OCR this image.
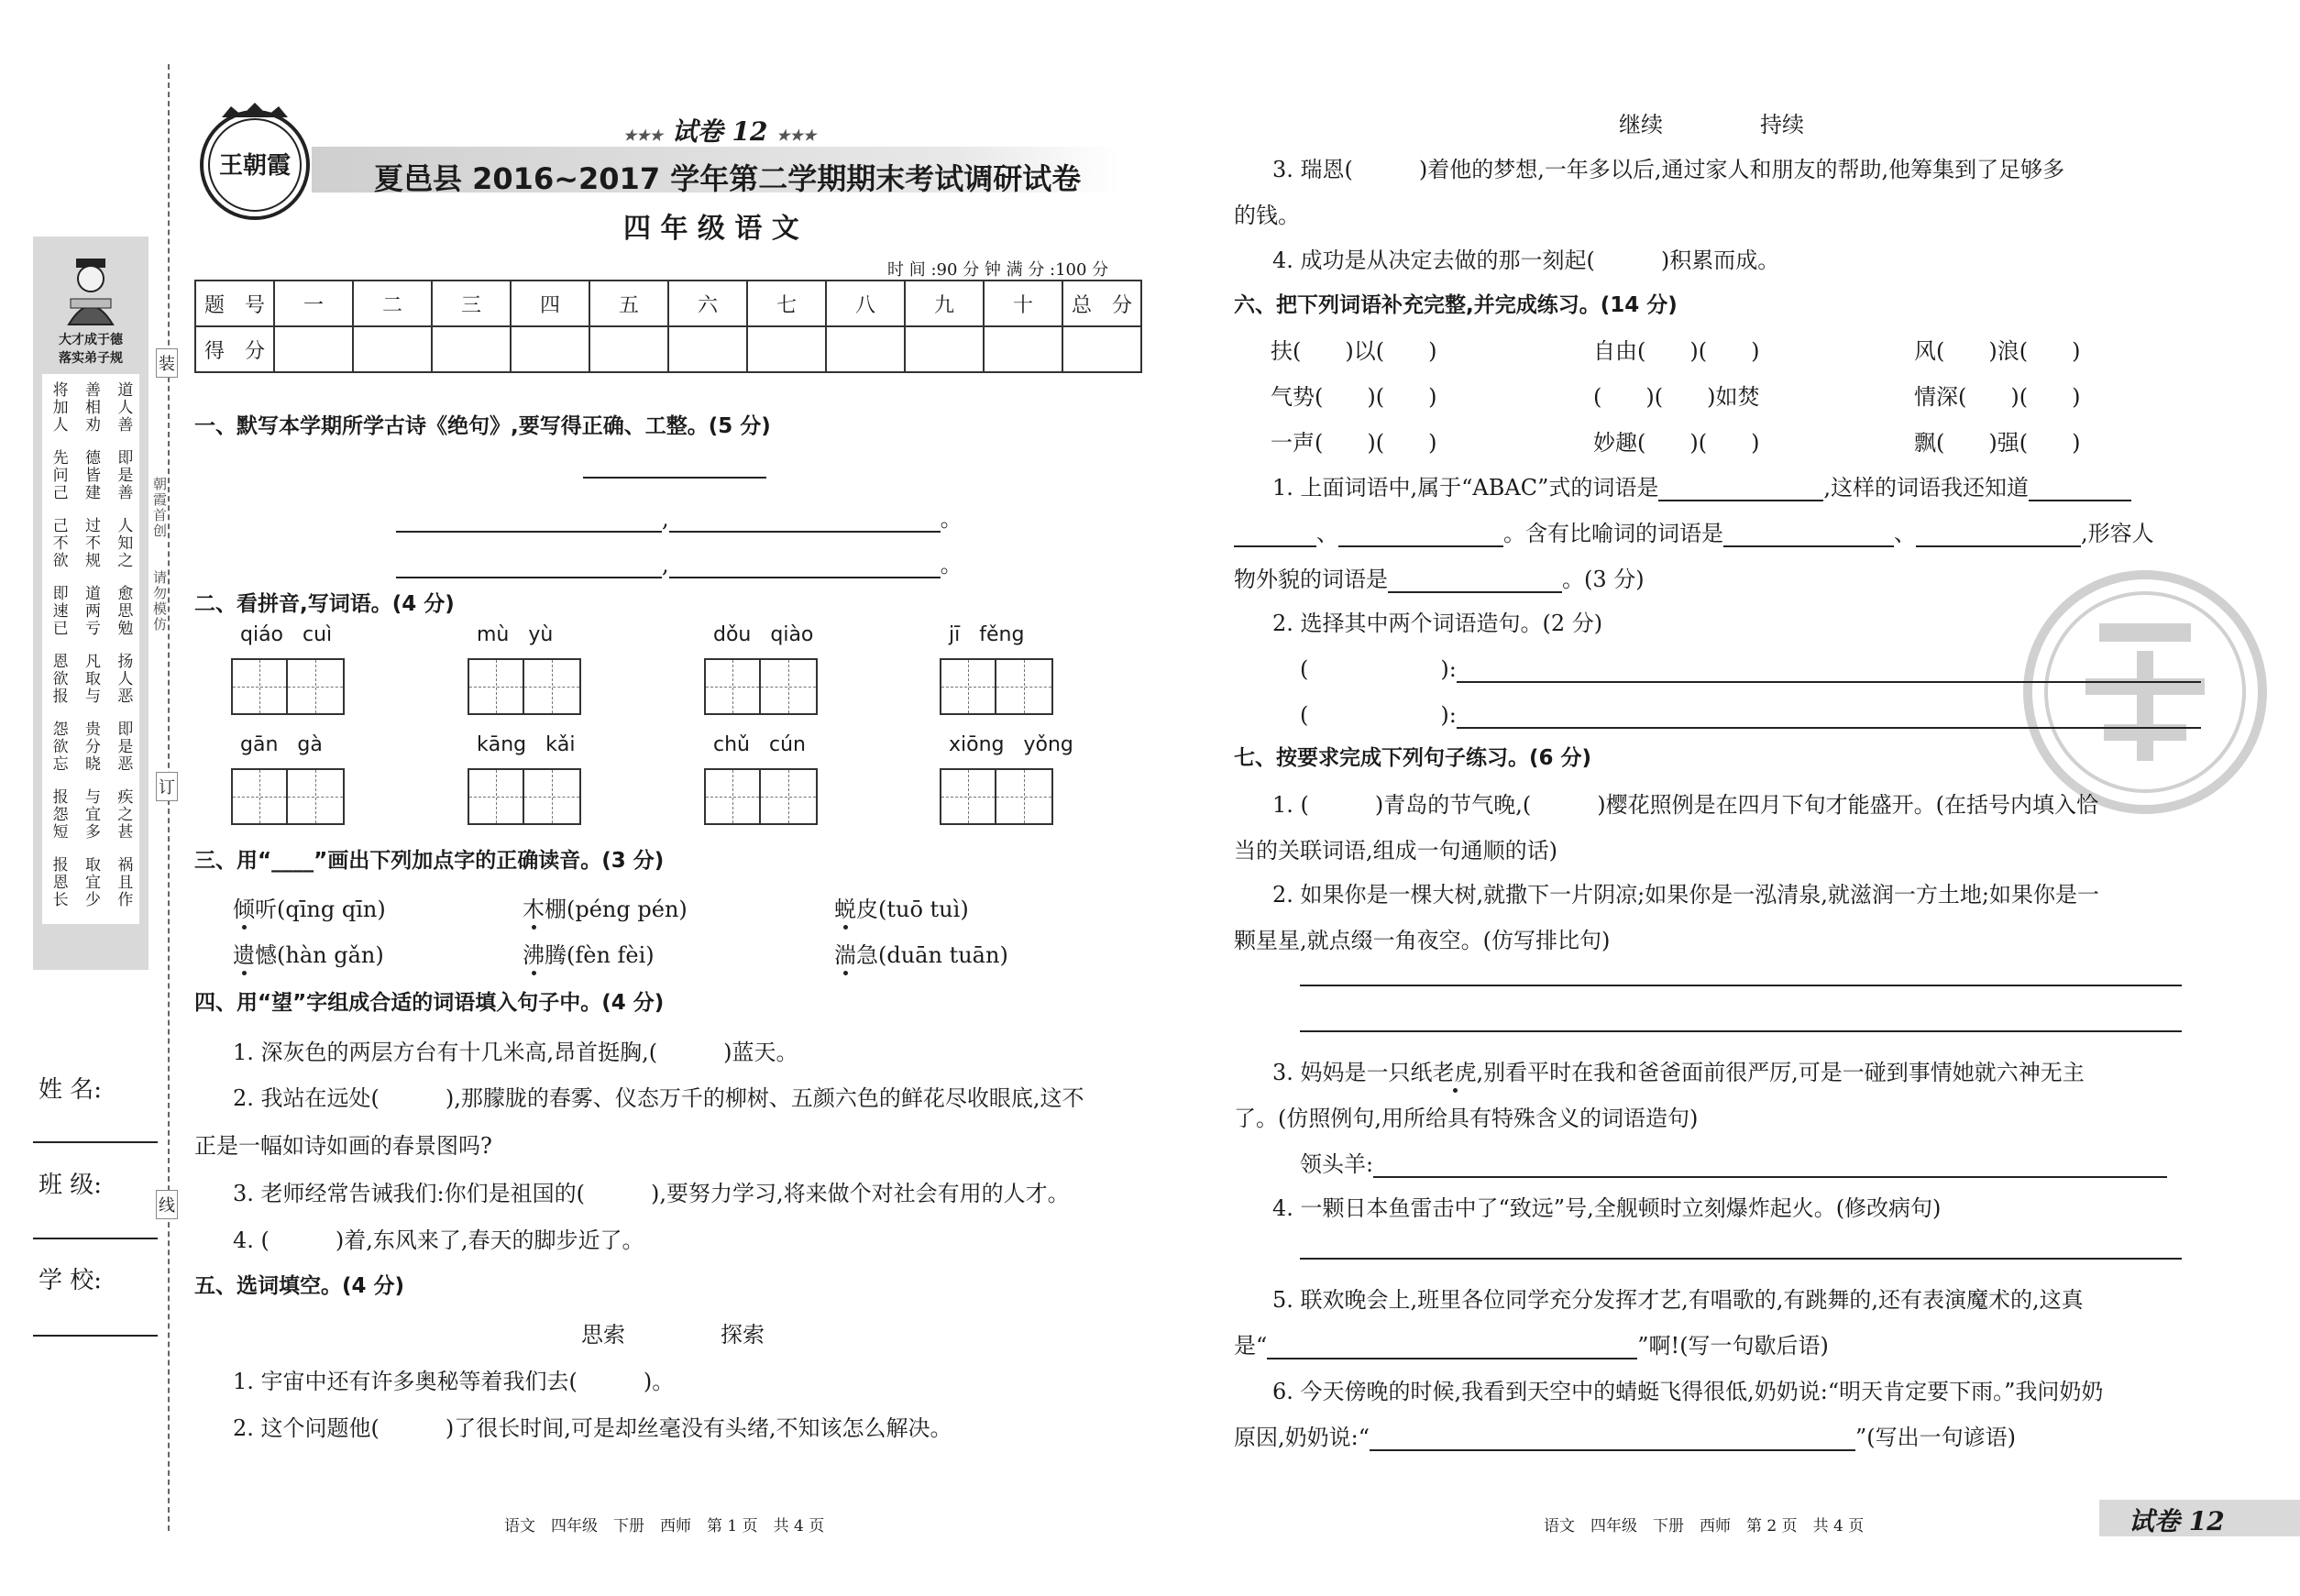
装
订
线
朝霞首创
请勿模仿
大才成于德
落实弟子规
将加人 善相劝 道人善
先问己 德皆建 即是善
己不欲 过不规 人知之
即速已 道两亏 愈思勉
恩欲报 凡取与 扬人恶
怨欲忘 贵分晓 即是恶
报怨短 与宜多 疾之甚
报恩长 取宜少 祸且作
姓 名:
班 级:
学 校:
王朝霞
★★★ 试卷 12 ★★★
夏邑县 2016~2017 学年第二学期期末考试调研试卷
四 年 级 语 文
时 间 :90 分 钟 满 分 :100 分
题　号	一	二	三	四	五	六	七	八	九	十	总　分
得　分											
一、默写本学期所学古诗《绝句》,要写得正确、工整。(5 分)
,	。
,	。
二、看拼音,写词语。(4 分)
qiáo cuì	mù yù	dǒu qiào	jī fěng
gān gà	kāng kǎi	chǔ cún	xiōng yǒng
三、用“____”画出下列加点字的正确读音。(3 分)
倾听(qīng qīn)	木棚(péng pén)	蜕皮(tuō tuì)
遗憾(hàn gǎn)	沸腾(fèn fèi)	湍急(duān tuān)
四、用“望”字组成合适的词语填入句子中。(4 分)
1. 深灰色的两层方台有十几米高,昂首挺胸,(　　　)蓝天。
2. 我站在远处(　　　),那朦胧的春雾、仪态万千的柳树、五颜六色的鲜花尽收眼底,这不
正是一幅如诗如画的春景图吗?
3. 老师经常告诫我们:你们是祖国的(　　　),要努力学习,将来做个对社会有用的人才。
4. (　　　)着,东风来了,春天的脚步近了。
五、选词填空。(4 分)
思索	探索
1. 宇宙中还有许多奥秘等着我们去(　　　)。
2. 这个问题他(　　　)了很长时间,可是却丝毫没有头绪,不知该怎么解决。
语文　四年级　下册　西师　第 1 页　共 4 页
继续	持续
3. 瑞恩(　　　)着他的梦想,一年多以后,通过家人和朋友的帮助,他筹集到了足够多
的钱。
4. 成功是从决定去做的那一刻起(　　　)积累而成。
六、把下列词语补充完整,并完成练习。(14 分)
扶(　　)以(　　)	自由(　　)(　　)	风(　　)浪(　　)
气势(　　)(　　)	(　　)(　　)如焚	情深(　　)(　　)
一声(　　)(　　)	妙趣(　　)(　　)	飘(　　)强(　　)
1. 上面词语中,属于“ABAC”式的词语是	,这样的词语我还知道
、	。含有比喻词的词语是	、	,形容人
物外貌的词语是	。(3 分)
2. 选择其中两个词语造句。(2 分)
(　　　　　　):
(　　　　　　):
七、按要求完成下列句子练习。(6 分)
1. (　　　)青岛的节气晚,(　　　)樱花照例是在四月下旬才能盛开。(在括号内填入恰
当的关联词语,组成一句通顺的话)
2. 如果你是一棵大树,就撒下一片阴凉;如果你是一泓清泉,就滋润一方土地;如果你是一
颗星星,就点缀一角夜空。(仿写排比句)
3. 妈妈是一只纸老虎,别看平时在我和爸爸面前很严厉,可是一碰到事情她就六神无主
了。(仿照例句,用所给具有特殊含义的词语造句)
领头羊:
4. 一颗日本鱼雷击中了“致远”号,全舰顿时立刻爆炸起火。(修改病句)
5. 联欢晚会上,班里各位同学充分发挥才艺,有唱歌的,有跳舞的,还有表演魔术的,这真
是“	”啊!(写一句歇后语)
6. 今天傍晚的时候,我看到天空中的蜻蜓飞得很低,奶奶说:“明天肯定要下雨。”我问奶奶
原因,奶奶说:“	”(写出一句谚语)
语文　四年级　下册　西师　第 2 页　共 4 页	试卷 12
